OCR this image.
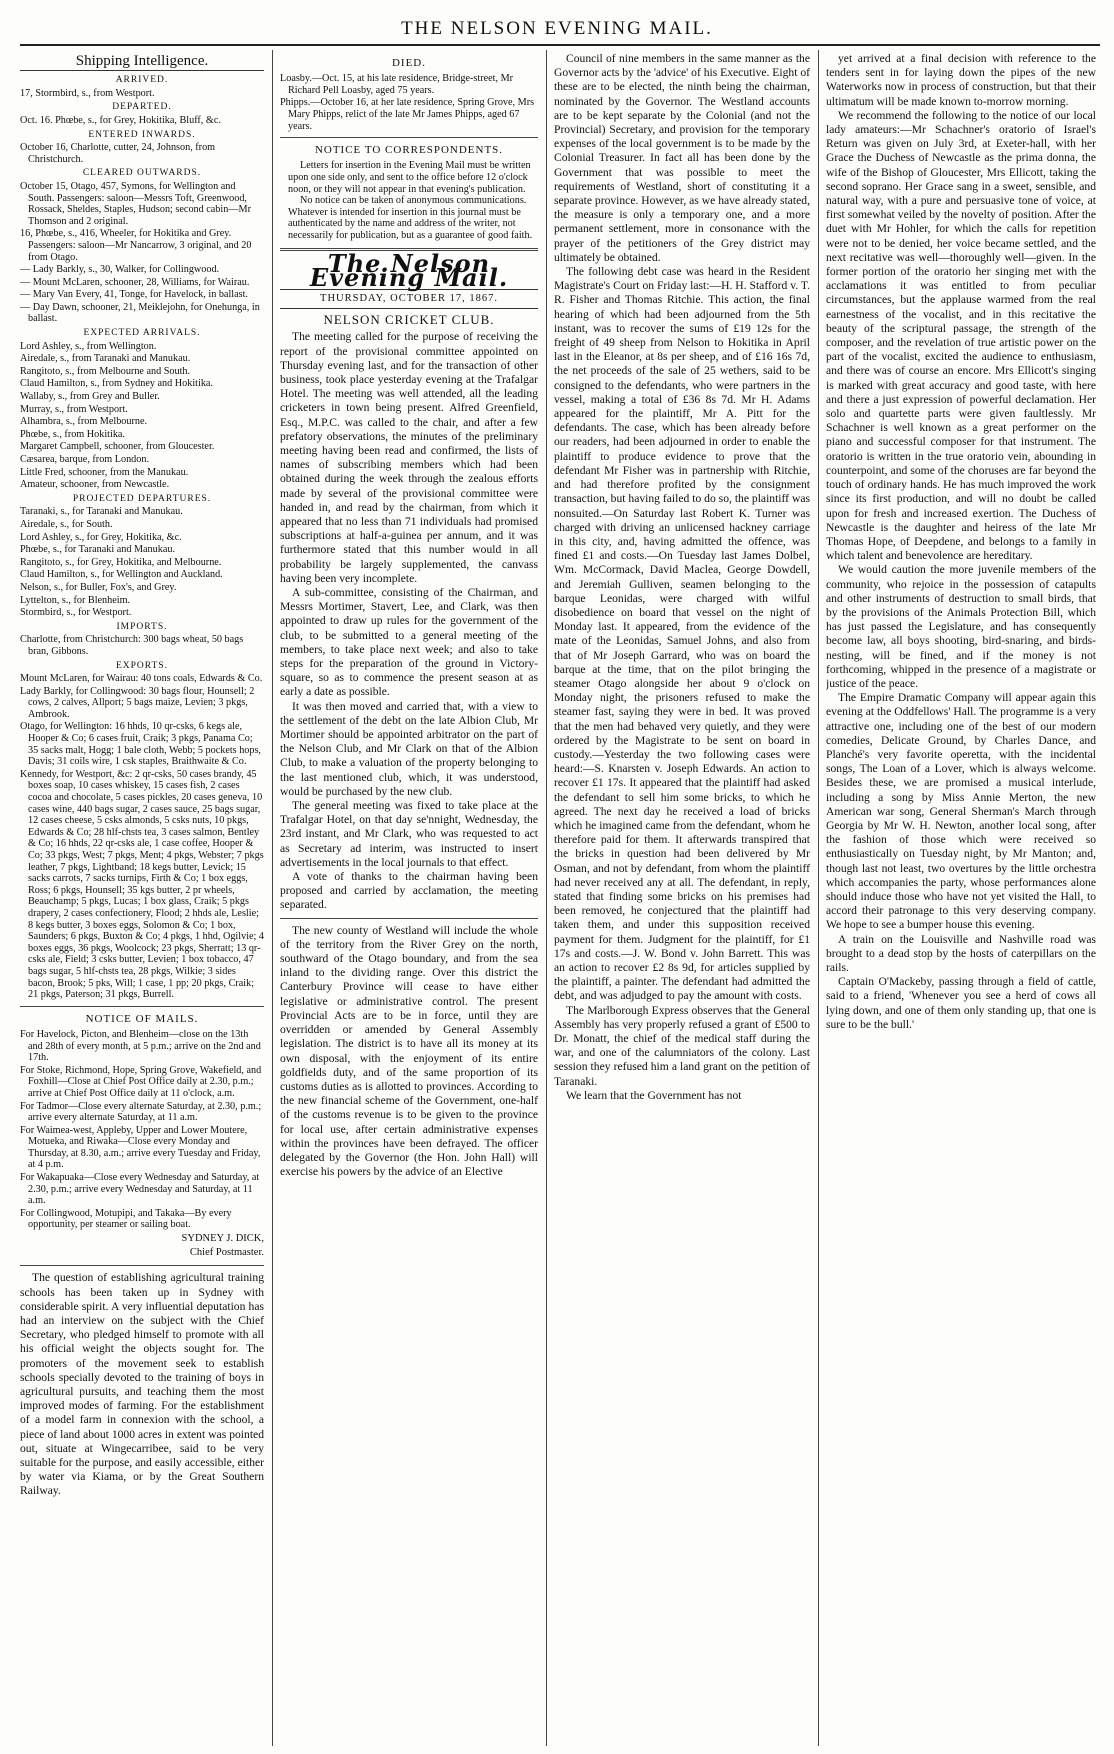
THE NELSON EVENING MAIL.
Shipping Intelligence.
ARRIVED.

17, Stormbird, s., from Westport.

DEPARTED.

Oct. 16. Phœbe, s., for Grey, Hokitika, Bluff, &c.

ENTERED INWARDS.

October 16, Charlotte, cutter, 24, Johnson, from Christchurch.

CLEARED OUTWARDS.

October 15, Otago, 457, Symons, for Wellington and South. Passengers: saloon—Messrs Toft, Greenwood, Rossack, Sheldes, Staples, Hudson; second cabin—Mr Thomson and 2 original.

16, Phœbe, s., 416, Wheeler, for Hokitika and Grey. Passengers: saloon—Mr Nancarrow, 3 original, and 20 from Otago.

— Lady Barkly, s., 30, Walker, for Collingwood.

— Mount McLaren, schooner, 28, Williams, for Wairau.

— Mary Van Every, 41, Tonge, for Havelock, in ballast.

— Day Dawn, schooner, 21, Meiklejohn, for Onehunga, in ballast.

EXPECTED ARRIVALS.

Lord Ashley, s., from Wellington.

Airedale, s., from Taranaki and Manukau.

Rangitoto, s., from Melbourne and South.

Claud Hamilton, s., from Sydney and Hokitika.

Wallaby, s., from Grey and Buller.

Murray, s., from Westport.

Alhambra, s., from Melbourne.

Phœbe, s., from Hokitika.

Margaret Campbell, schooner, from Gloucester.

Cæsarea, barque, from London.

Little Fred, schooner, from the Manukau.

Amateur, schooner, from Newcastle.

PROJECTED DEPARTURES.

Taranaki, s., for Taranaki and Manukau.

Airedale, s., for South.

Lord Ashley, s., for Grey, Hokitika, &c.

Phœbe, s., for Taranaki and Manukau.

Rangitoto, s., for Grey, Hokitika, and Melbourne.

Claud Hamilton, s., for Wellington and Auckland.

Nelson, s., for Buller, Fox's, and Grey.

Lyttelton, s., for Blenheim.

Stormbird, s., for Westport.

IMPORTS.

Charlotte, from Christchurch: 300 bags wheat, 50 bags bran, Gibbons.

EXPORTS.

Mount McLaren, for Wairau: 40 tons coals, Edwards & Co.

Lady Barkly, for Collingwood: 30 bags flour, Hounsell; 2 cows, 2 calves, Allport; 5 bags maize, Levien; 3 pkgs, Ambrook.

Otago, for Wellington: 16 hhds, 10 qr-csks, 6 kegs ale, Hooper & Co; 6 cases fruit, Craik; 3 pkgs, Panama Co; 35 sacks malt, Hogg; 1 bale cloth, Webb; 5 pockets hops, Davis; 31 coils wire, 1 csk staples, Braithwaite & Co.

Kennedy, for Westport, &c: 2 qr-csks, 50 cases brandy, 45 boxes soap, 10 cases whiskey, 15 cases fish, 2 cases cocoa and chocolate, 5 cases pickles, 20 cases geneva, 10 cases wine, 440 bags sugar, 2 cases sauce, 25 bags sugar, 12 cases cheese, 5 csks almonds, 5 csks nuts, 10 pkgs, Edwards & Co; 28 hlf-chsts tea, 3 cases salmon, Bentley & Co; 16 hhds, 22 qr-csks ale, 1 case coffee, Hooper & Co; 33 pkgs, West; 7 pkgs, Ment; 4 pkgs, Webster; 7 pkgs leather, 7 pkgs, Lightband; 18 kegs butter, Levick; 15 sacks carrots, 7 sacks turnips, Firth & Co; 1 box eggs, Ross; 6 pkgs, Hounsell; 35 kgs butter, 2 pr wheels, Beauchamp; 5 pkgs, Lucas; 1 box glass, Craik; 5 pkgs drapery, 2 cases confectionery, Flood; 2 hhds ale, Leslie; 8 kegs butter, 3 boxes eggs, Solomon & Co; 1 box, Saunders; 6 pkgs, Buxton & Co; 4 pkgs, 1 hhd, Ogilvie; 4 boxes eggs, 36 pkgs, Woolcock; 23 pkgs, Sherratt; 13 qr-csks ale, Field; 3 csks butter, Levien; 1 box tobacco, 47 bags sugar, 5 hlf-chsts tea, 28 pkgs, Wilkie; 3 sides bacon, Brook; 5 pks, Will; 1 case, 1 pp; 20 pkgs, Craik; 21 pkgs, Paterson; 31 pkgs, Burrell.

NOTICE OF MAILS.

For Havelock, Picton, and Blenheim—close on the 13th and 28th of every month, at 5 p.m.; arrive on the 2nd and 17th.

For Stoke, Richmond, Hope, Spring Grove, Wakefield, and Foxhill—Close at Chief Post Office daily at 2.30, p.m.; arrive at Chief Post Office daily at 11 o'clock, a.m.

For Tadmor—Close every alternate Saturday, at 2.30, p.m.; arrive every alternate Saturday, at 11 a.m.

For Waimea-west, Appleby, Upper and Lower Moutere, Motueka, and Riwaka—Close every Monday and Thursday, at 8.30, a.m.; arrive every Tuesday and Friday, at 4 p.m.

For Wakapuaka—Close every Wednesday and Saturday, at 2.30, p.m.; arrive every Wednesday and Saturday, at 11 a.m.

For Collingwood, Motupipi, and Takaka—By every opportunity, per steamer or sailing boat.

SYDNEY J. DICK,
Chief Postmaster.

The question of establishing agricultural training schools has been taken up in Sydney with considerable spirit. A very influential deputation has had an interview on the subject with the Chief Secretary, who pledged himself to promote with all his official weight the objects sought for. The promoters of the movement seek to establish schools specially devoted to the training of boys in agricultural pursuits, and teaching them the most improved modes of farming. For the establishment of a model farm in connexion with the school, a piece of land about 1000 acres in extent was pointed out, situate at Wingecarribee, said to be very suitable for the purpose, and easily accessible, either by water via Kiama, or by the Great Southern Railway.

DIED.

Loasby.—Oct. 15, at his late residence, Bridge-street, Mr Richard Pell Loasby, aged 75 years.

Phipps.—October 16, at her late residence, Spring Grove, Mrs Mary Phipps, relict of the late Mr James Phipps, aged 67 years.

NOTICE TO CORRESPONDENTS.

Letters for insertion in the Evening Mail must be written upon one side only, and sent to the office before 12 o'clock noon, or they will not appear in that evening's publication.

No notice can be taken of anonymous communications. Whatever is intended for insertion in this journal must be authenticated by the name and address of the writer, not necessarily for publication, but as a guarantee of good faith.

The Nelson Evening Mail.
THURSDAY, OCTOBER 17, 1867.
NELSON CRICKET CLUB.

The meeting called for the purpose of receiving the report of the provisional committee appointed on Thursday evening last, and for the transaction of other business, took place yesterday evening at the Trafalgar Hotel. The meeting was well attended, all the leading cricketers in town being present. Alfred Greenfield, Esq., M.P.C. was called to the chair, and after a few prefatory observations, the minutes of the preliminary meeting having been read and confirmed, the lists of names of subscribing members which had been obtained during the week through the zealous efforts made by several of the provisional committee were handed in, and read by the chairman, from which it appeared that no less than 71 individuals had promised subscriptions at half-a-guinea per annum, and it was furthermore stated that this number would in all probability be largely supplemented, the canvass having been very incomplete.

A sub-committee, consisting of the Chairman, and Messrs Mortimer, Stavert, Lee, and Clark, was then appointed to draw up rules for the government of the club, to be submitted to a general meeting of the members, to take place next week; and also to take steps for the preparation of the ground in Victory-square, so as to commence the present season at as early a date as possible.

It was then moved and carried that, with a view to the settlement of the debt on the late Albion Club, Mr Mortimer should be appointed arbitrator on the part of the Nelson Club, and Mr Clark on that of the Albion Club, to make a valuation of the property belonging to the last mentioned club, which, it was understood, would be purchased by the new club.

The general meeting was fixed to take place at the Trafalgar Hotel, on that day se'nnight, Wednesday, the 23rd instant, and Mr Clark, who was requested to act as Secretary ad interim, was instructed to insert advertisements in the local journals to that effect.

A vote of thanks to the chairman having been proposed and carried by acclamation, the meeting separated.

The new county of Westland will include the whole of the territory from the River Grey on the north, southward of the Otago boundary, and from the sea inland to the dividing range. Over this district the Canterbury Province will cease to have either legislative or administrative control. The present Provincial Acts are to be in force, until they are overridden or amended by General Assembly legislation. The district is to have all its money at its own disposal, with the enjoyment of its entire goldfields duty, and of the same proportion of its customs duties as is allotted to provinces. According to the new financial scheme of the Government, one-half of the customs revenue is to be given to the province for local use, after certain administrative expenses within the provinces have been defrayed. The officer delegated by the Governor (the Hon. John Hall) will exercise his powers by the advice of an Elective

Council of nine members in the same manner as the Governor acts by the 'advice' of his Executive. Eight of these are to be elected, the ninth being the chairman, nominated by the Governor. The Westland accounts are to be kept separate by the Colonial (and not the Provincial) Secretary, and provision for the temporary expenses of the local government is to be made by the Colonial Treasurer. In fact all has been done by the Government that was possible to meet the requirements of Westland, short of constituting it a separate province. However, as we have already stated, the measure is only a temporary one, and a more permanent settlement, more in consonance with the prayer of the petitioners of the Grey district may ultimately be obtained.

The following debt case was heard in the Resident Magistrate's Court on Friday last:—H. H. Stafford v. T. R. Fisher and Thomas Ritchie. This action, the final hearing of which had been adjourned from the 5th instant, was to recover the sums of £19 12s for the freight of 49 sheep from Nelson to Hokitika in April last in the Eleanor, at 8s per sheep, and of £16 16s 7d, the net proceeds of the sale of 25 wethers, said to be consigned to the defendants, who were partners in the vessel, making a total of £36 8s 7d. Mr H. Adams appeared for the plaintiff, Mr A. Pitt for the defendants. The case, which has been already before our readers, had been adjourned in order to enable the plaintiff to produce evidence to prove that the defendant Mr Fisher was in partnership with Ritchie, and had therefore profited by the consignment transaction, but having failed to do so, the plaintiff was nonsuited.—On Saturday last Robert K. Turner was charged with driving an unlicensed hackney carriage in this city, and, having admitted the offence, was fined £1 and costs.—On Tuesday last James Dolbel, Wm. McCormack, David Maclea, George Dowdell, and Jeremiah Gulliven, seamen belonging to the barque Leonidas, were charged with wilful disobedience on board that vessel on the night of Monday last. It appeared, from the evidence of the mate of the Leonidas, Samuel Johns, and also from that of Mr Joseph Garrard, who was on board the barque at the time, that on the pilot bringing the steamer Otago alongside her about 9 o'clock on Monday night, the prisoners refused to make the steamer fast, saying they were in bed. It was proved that the men had behaved very quietly, and they were ordered by the Magistrate to be sent on board in custody.—Yesterday the two following cases were heard:—S. Knarsten v. Joseph Edwards. An action to recover £1 17s. It appeared that the plaintiff had asked the defendant to sell him some bricks, to which he agreed. The next day he received a load of bricks which he imagined came from the defendant, whom he therefore paid for them. It afterwards transpired that the bricks in question had been delivered by Mr Osman, and not by defendant, from whom the plaintiff had never received any at all. The defendant, in reply, stated that finding some bricks on his premises had been removed, he conjectured that the plaintiff had taken them, and under this supposition received payment for them. Judgment for the plaintiff, for £1 17s and costs.—J. W. Bond v. John Barrett. This was an action to recover £2 8s 9d, for articles supplied by the plaintiff, a painter. The defendant had admitted the debt, and was adjudged to pay the amount with costs.

The Marlborough Express observes that the General Assembly has very properly refused a grant of £500 to Dr. Monatt, the chief of the medical staff during the war, and one of the calumniators of the colony. Last session they refused him a land grant on the petition of Taranaki.

We learn that the Government has not

yet arrived at a final decision with reference to the tenders sent in for laying down the pipes of the new Waterworks now in process of construction, but that their ultimatum will be made known to-morrow morning.

We recommend the following to the notice of our local lady amateurs:—Mr Schachner's oratorio of Israel's Return was given on July 3rd, at Exeter-hall, with her Grace the Duchess of Newcastle as the prima donna, the wife of the Bishop of Gloucester, Mrs Ellicott, taking the second soprano. Her Grace sang in a sweet, sensible, and natural way, with a pure and persuasive tone of voice, at first somewhat veiled by the novelty of position. After the duet with Mr Hohler, for which the calls for repetition were not to be denied, her voice became settled, and the next recitative was well—thoroughly well—given. In the former portion of the oratorio her singing met with the acclamations it was entitled to from peculiar circumstances, but the applause warmed from the real earnestness of the vocalist, and in this recitative the beauty of the scriptural passage, the strength of the composer, and the revelation of true artistic power on the part of the vocalist, excited the audience to enthusiasm, and there was of course an encore. Mrs Ellicott's singing is marked with great accuracy and good taste, with here and there a just expression of powerful declamation. Her solo and quartette parts were given faultlessly. Mr Schachner is well known as a great performer on the piano and successful composer for that instrument. The oratorio is written in the true oratorio vein, abounding in counterpoint, and some of the choruses are far beyond the touch of ordinary hands. He has much improved the work since its first production, and will no doubt be called upon for fresh and increased exertion. The Duchess of Newcastle is the daughter and heiress of the late Mr Thomas Hope, of Deepdene, and belongs to a family in which talent and benevolence are hereditary.

We would caution the more juvenile members of the community, who rejoice in the possession of catapults and other instruments of destruction to small birds, that by the provisions of the Animals Protection Bill, which has just passed the Legislature, and has consequently become law, all boys shooting, bird-snaring, and birds-nesting, will be fined, and if the money is not forthcoming, whipped in the presence of a magistrate or justice of the peace.

The Empire Dramatic Company will appear again this evening at the Oddfellows' Hall. The programme is a very attractive one, including one of the best of our modern comedies, Delicate Ground, by Charles Dance, and Planché's very favorite operetta, with the incidental songs, The Loan of a Lover, which is always welcome. Besides these, we are promised a musical interlude, including a song by Miss Annie Merton, the new American war song, General Sherman's March through Georgia by Mr W. H. Newton, another local song, after the fashion of those which were received so enthusiastically on Tuesday night, by Mr Manton; and, though last not least, two overtures by the little orchestra which accompanies the party, whose performances alone should induce those who have not yet visited the Hall, to accord their patronage to this very deserving company. We hope to see a bumper house this evening.

A train on the Louisville and Nashville road was brought to a dead stop by the hosts of caterpillars on the rails.

Captain O'Mackeby, passing through a field of cattle, said to a friend, 'Whenever you see a herd of cows all lying down, and one of them only standing up, that one is sure to be the bull.'
